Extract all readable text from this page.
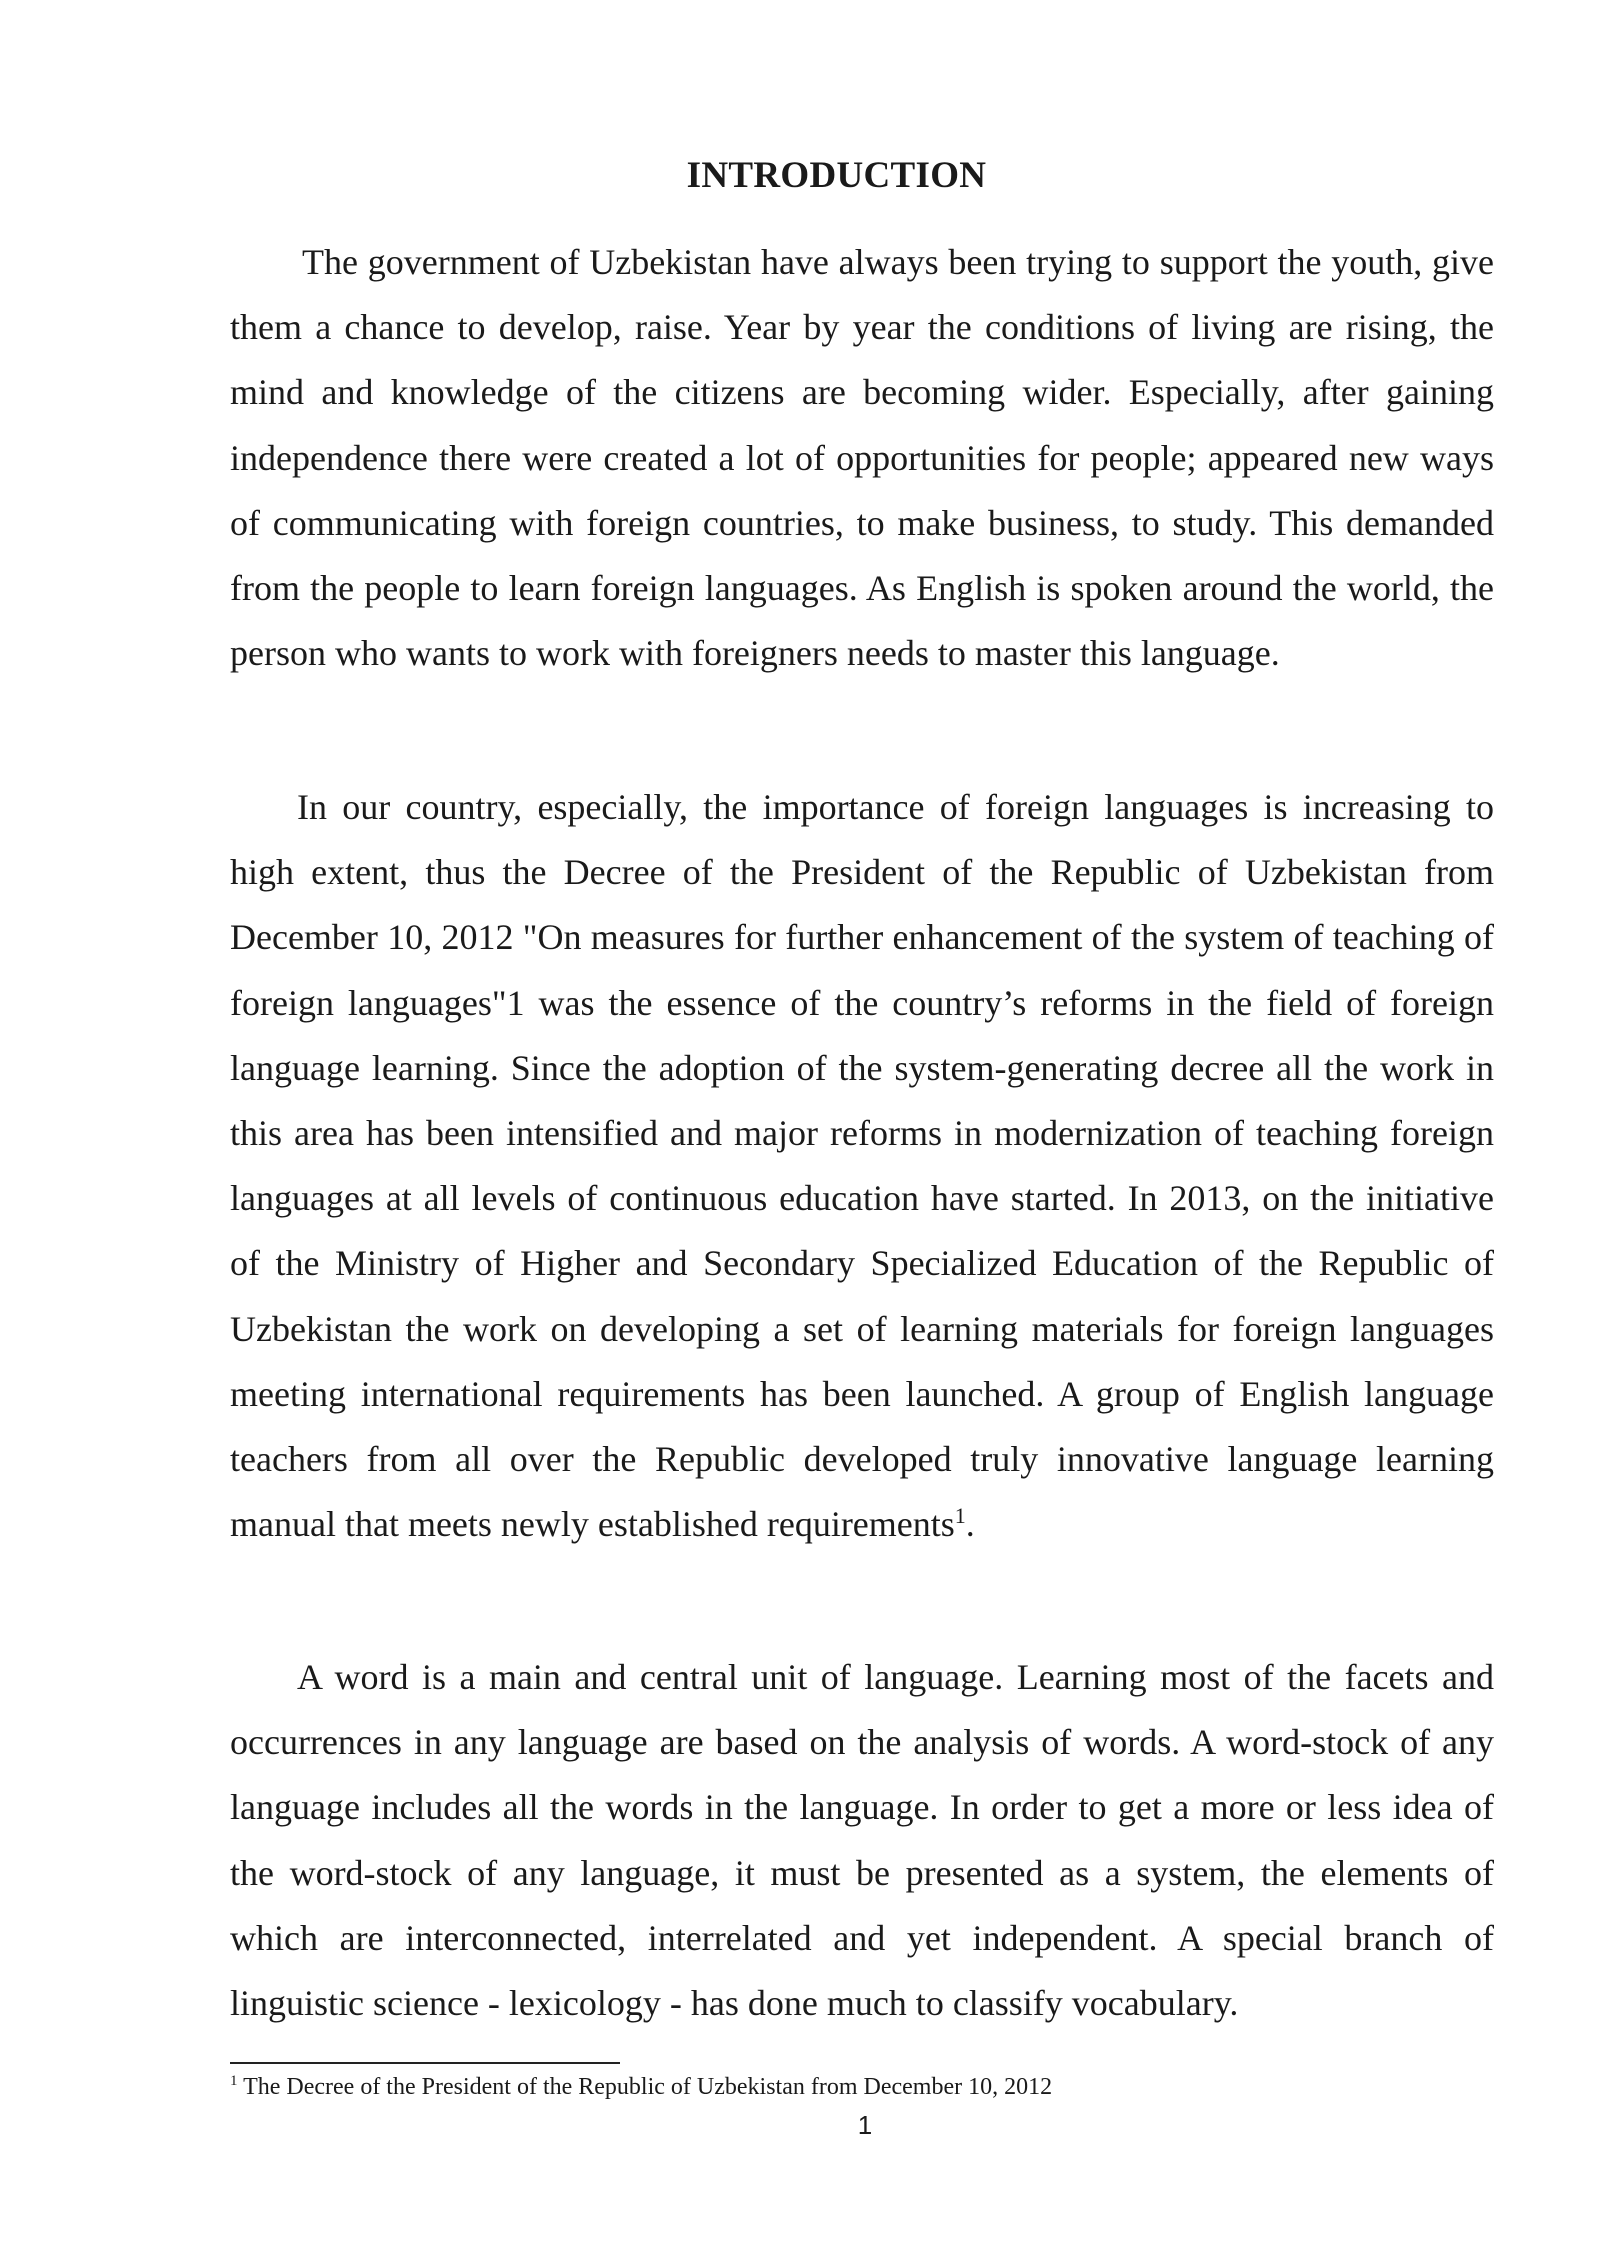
INTRODUCTION

The government of Uzbekistan have always been trying to support the youth, give them a chance to develop, raise. Year by year the conditions of living are rising, the mind and knowledge of the citizens are becoming wider. Especially, after gaining independence there were created a lot of opportunities for people; appeared new ways of communicating with foreign countries, to make business, to study. This demanded from the people to learn foreign languages. As English is spoken around the world, the person who wants to work with foreigners needs to master this language.

In our country, especially, the importance of foreign languages is increasing to high extent, thus the Decree of the President of the Republic of Uzbekistan from December 10, 2012 "On measures for further enhancement of the system of teaching of foreign languages"1 was the essence of the country’s reforms in the field of foreign language learning. Since the adoption of the system-generating decree all the work in this area has been intensified and major reforms in modernization of teaching foreign languages at all levels of continuous education have started. In 2013, on the initiative of the Ministry of Higher and Secondary Specialized Education of the Republic of Uzbekistan the work on developing a set of learning materials for foreign languages meeting international requirements has been launched. A group of English language teachers from all over the Republic developed truly innovative language learning manual that meets newly established requirements$^1$.

A word is a main and central unit of language. Learning most of the facets and occurrences in any language are based on the analysis of words. A word-stock of any language includes all the words in the language. In order to get a more or less idea of the word-stock of any language, it must be presented as a system, the elements of which are interconnected, interrelated and yet independent. A special branch of linguistic science - lexicology - has done much to classify vocabulary.

$^1$ The Decree of the President of the Republic of Uzbekistan from December 10, 2012
1
